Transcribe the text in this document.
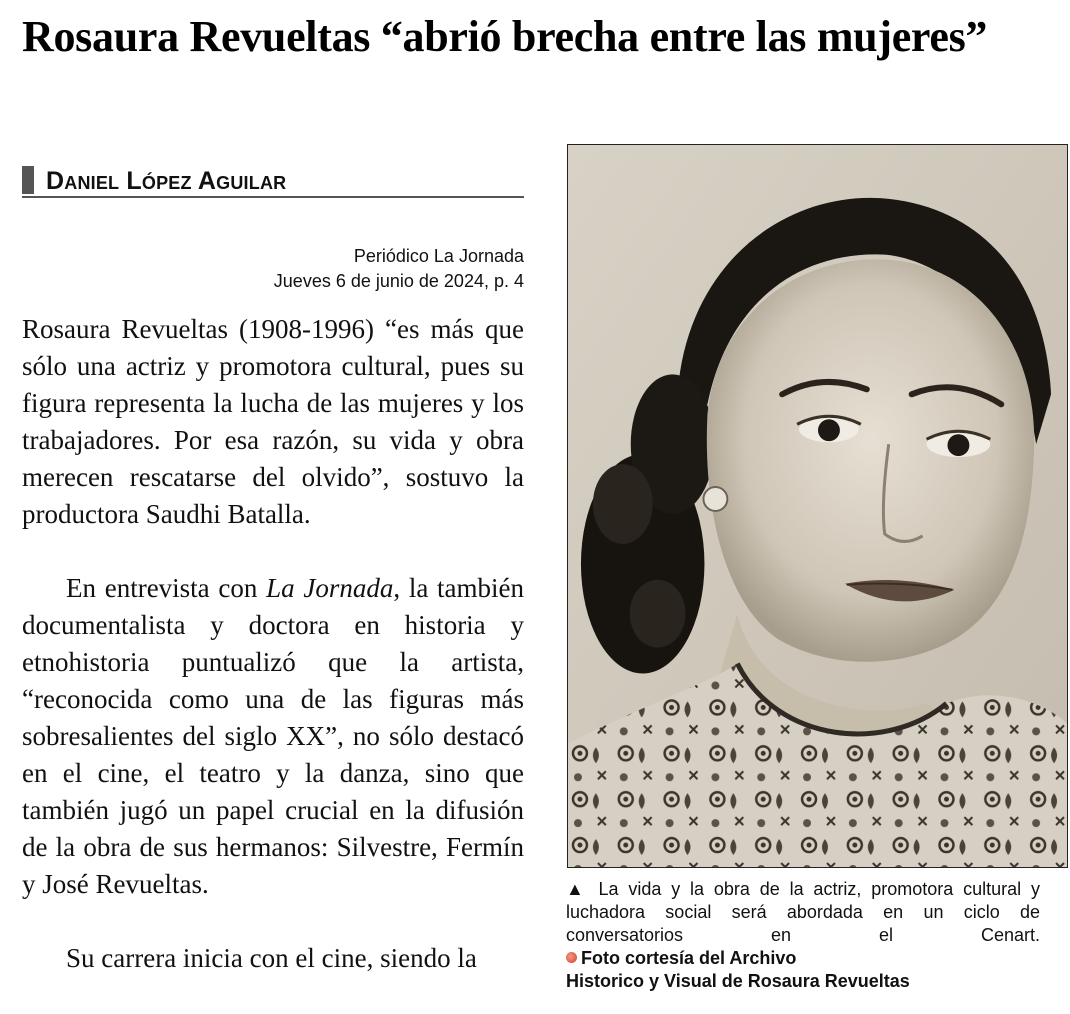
Rosaura Revueltas “abrió brecha entre las mujeres”
Daniel López Aguilar
Periódico La Jornada
Jueves 6 de junio de 2024, p. 4

Rosaura Revueltas (1908-1996) “es más que sólo una actriz y promotora cultural, pues su figura representa la lucha de las mujeres y los trabajadores. Por esa razón, su vida y obra merecen rescatarse del olvido”, sostuvo la productora Saudhi Batalla.

En entrevista con La Jornada, la también documentalista y doctora en historia y etnohistoria puntualizó que la artista, “reconocida como una de las figuras más sobresalientes del siglo XX”, no sólo destacó en el cine, el teatro y la danza, sino que también jugó un papel crucial en la difusión de la obra de sus hermanos: Silvestre, Fermín y José Revueltas.

Su carrera inicia con el cine, siendo la

▲ La vida y la obra de la actriz, promotora cultural y luchadora social será abordada en un ciclo de conversatorios en el Cenart.
Foto cortesía del Archivo
Historico y Visual de Rosaura Revueltas
